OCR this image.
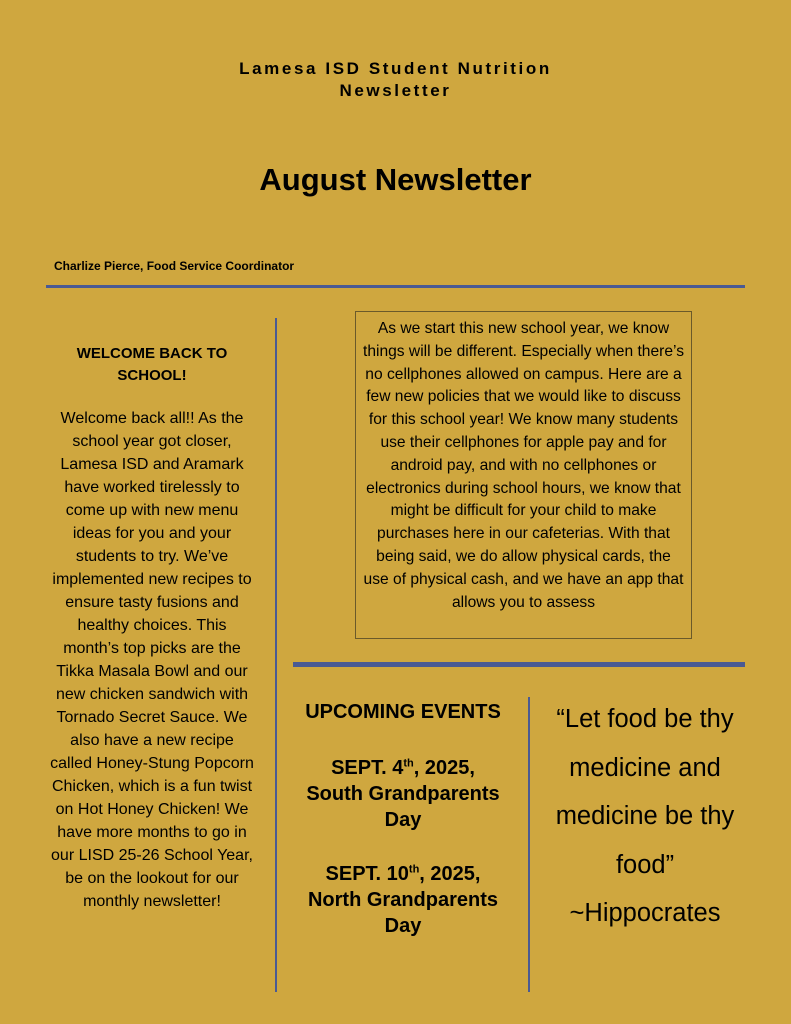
Lamesa ISD Student Nutrition
Newsletter
August Newsletter
Charlize Pierce, Food Service Coordinator
WELCOME BACK TO SCHOOL!
Welcome back all!! As the school year got closer, Lamesa ISD and Aramark have worked tirelessly to come up with new menu ideas for you and your students to try. We’ve implemented new recipes to ensure tasty fusions and healthy choices. This month’s top picks are the Tikka Masala Bowl and our new chicken sandwich with Tornado Secret Sauce. We also have a new recipe called Honey-Stung Popcorn Chicken, which is a fun twist on Hot Honey Chicken! We have more months to go in our LISD 25-26 School Year, be on the lookout for our monthly newsletter!
As we start this new school year, we know things will be different. Especially when there’s no cellphones allowed on campus. Here are a few new policies that we would like to discuss for this school year! We know many students use their cellphones for apple pay and for android pay, and with no cellphones or electronics during school hours, we know that might be difficult for your child to make purchases here in our cafeterias. With that being said, we do allow physical cards, the use of physical cash, and we have an app that allows you to assess
UPCOMING EVENTS
SEPT. 4th, 2025,
South Grandparents Day
SEPT. 10th, 2025,
North Grandparents Day
“Let food be thy medicine and medicine be thy food”
~Hippocrates
